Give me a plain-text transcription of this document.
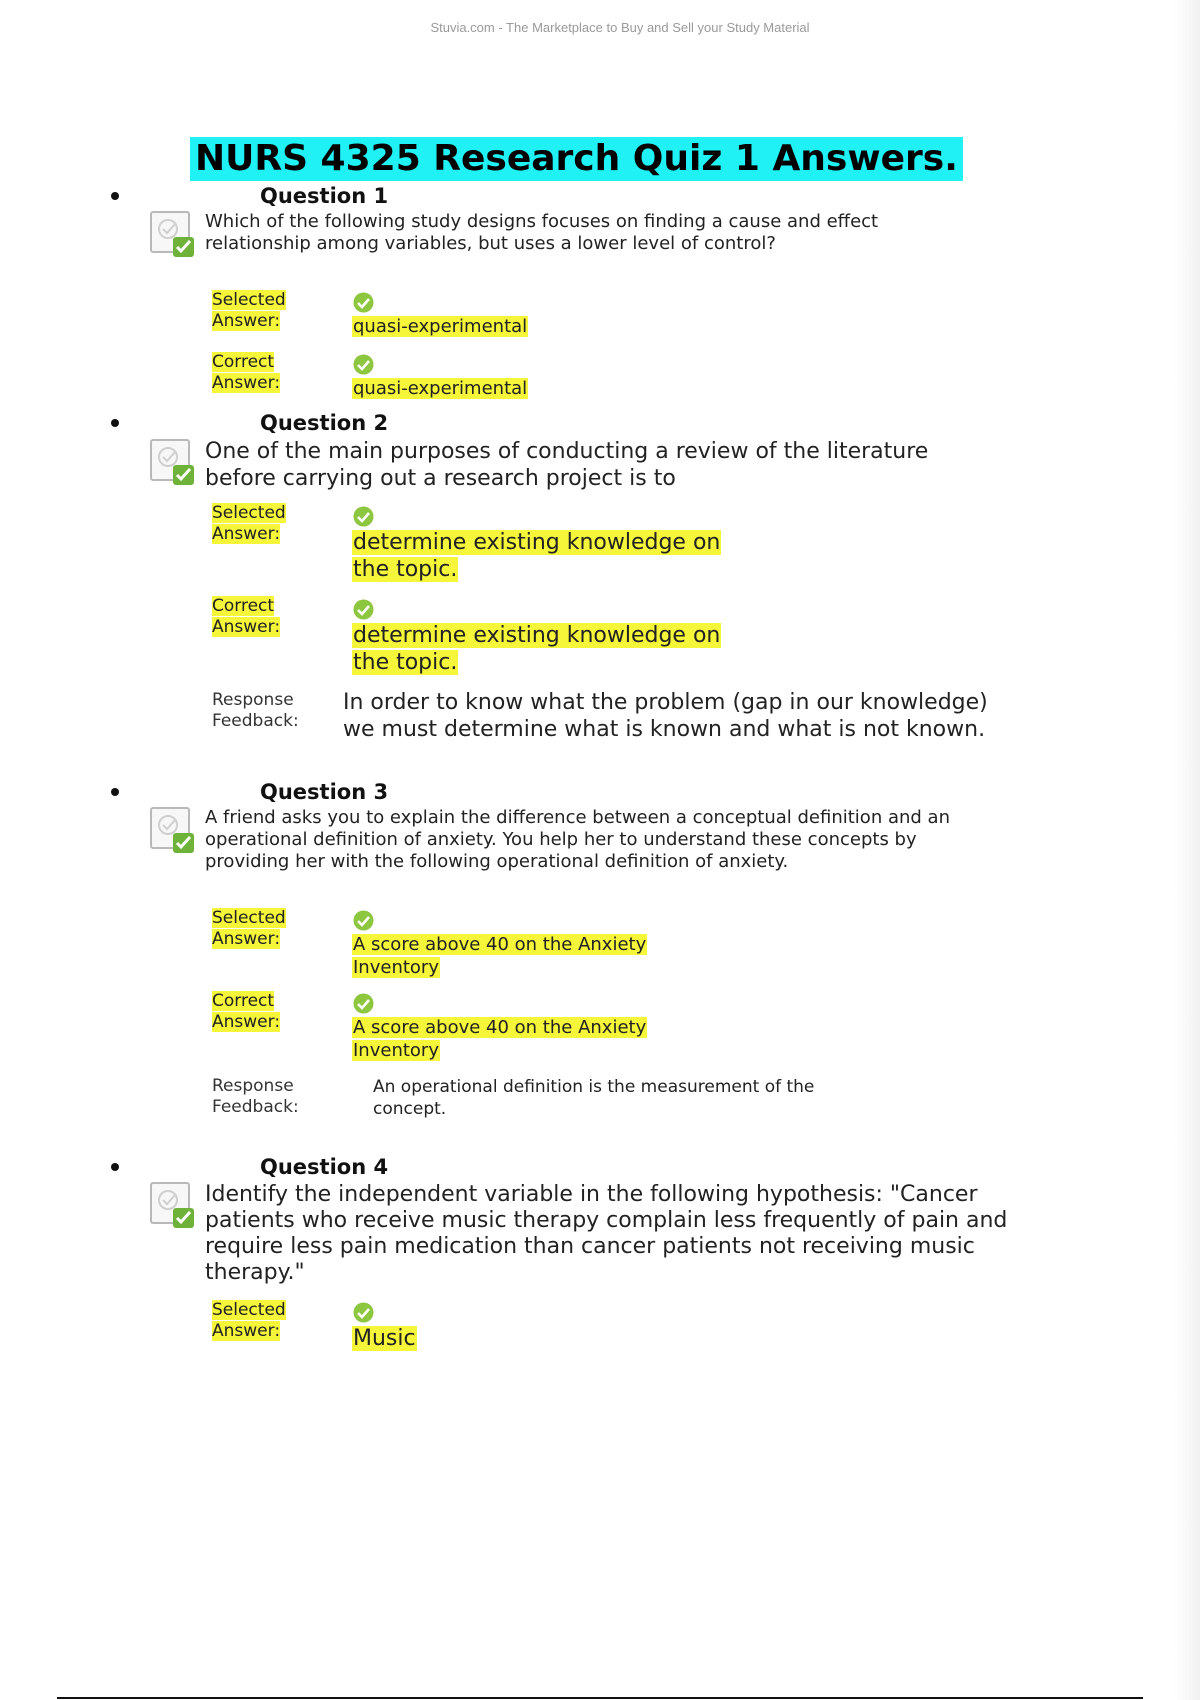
Stuvia.com - The Marketplace to Buy and Sell your Study Material
NURS 4325 Research Quiz 1 Answers.
Question 1
Which of the following study designs focuses on finding a cause and effect relationship among variables, but uses a lower level of control?
Selected
Answer:	quasi-experimental
Correct
Answer:	quasi-experimental
Question 2
One of the main purposes of conducting a review of the literature before carrying out a research project is to
Selected
Answer:	determine existing knowledge on the topic.
Correct
Answer:	determine existing knowledge on the topic.
Response
Feedback:
In order to know what the problem (gap in our knowledge) we must determine what is known and what is not known.
Question 3
A friend asks you to explain the difference between a conceptual definition and an operational definition of anxiety. You help her to understand these concepts by providing her with the following operational definition of anxiety.
Selected
Answer:	A score above 40 on the Anxiety Inventory
Correct
Answer:	A score above 40 on the Anxiety Inventory
Response
Feedback:
An operational definition is the measurement of the concept.
Question 4
Identify the independent variable in the following hypothesis: "Cancer patients who receive music therapy complain less frequently of pain and require less pain medication than cancer patients not receiving music therapy."
Selected
Answer:	Music
